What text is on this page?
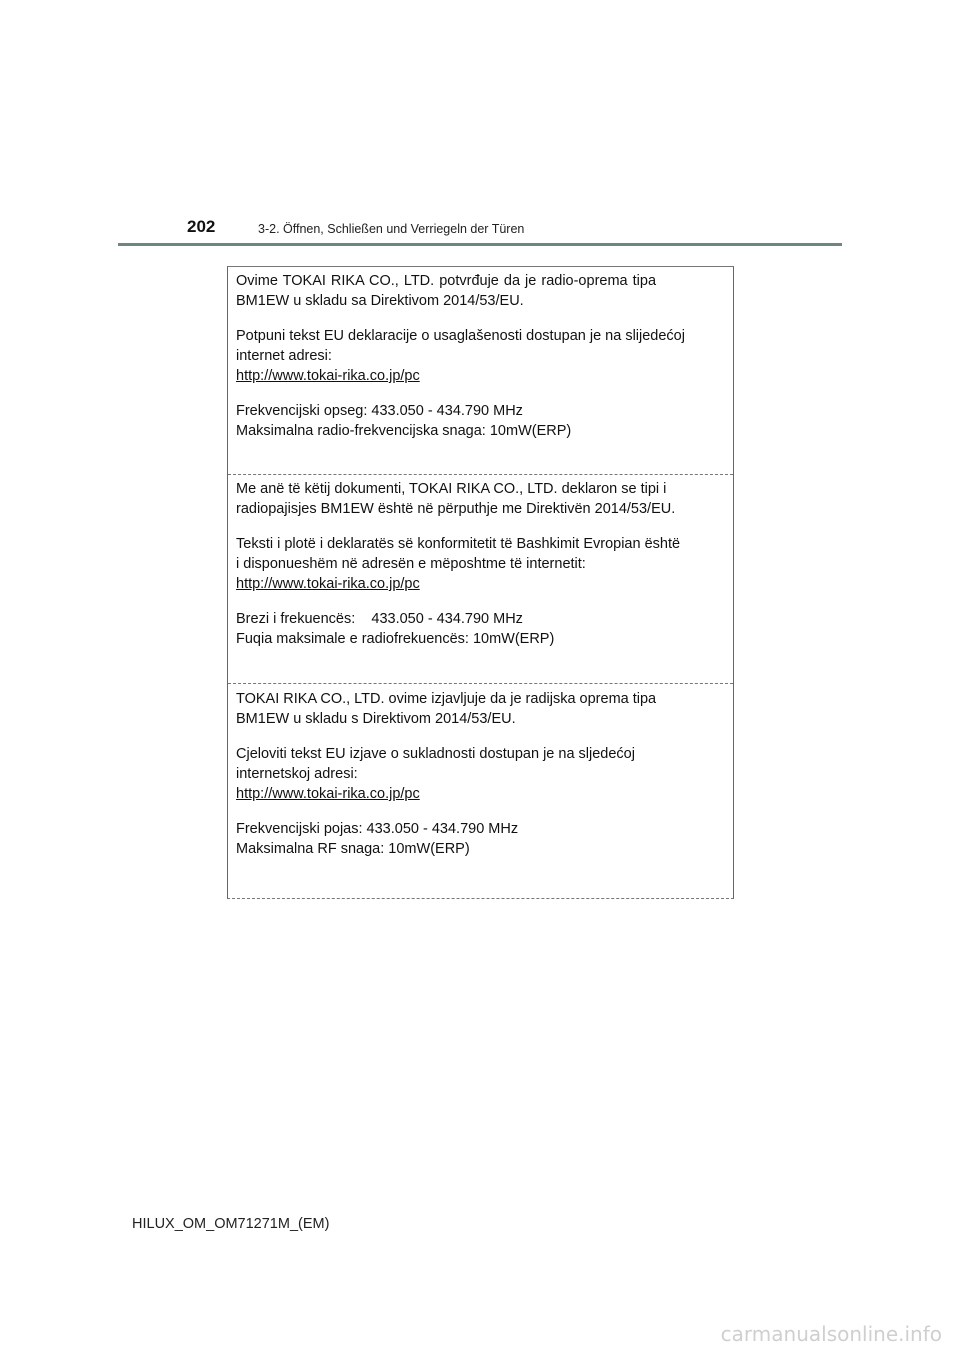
202	3-2. Öffnen, Schließen und Verriegeln der Türen

Ovime TOKAI RIKA CO., LTD. potvrđuje da je radio-oprema tipa

BM1EW u skladu sa Direktivom 2014/53/EU.

Potpuni tekst EU deklaracije o usaglašenosti dostupan je na slijedećoj

internet adresi:

http://www.tokai-rika.co.jp/pc

Frekvencijski opseg: 433.050 - 434.790 MHz

Maksimalna radio-frekvencijska snaga: 10mW(ERP)

Me anë të këtij dokumenti, TOKAI RIKA CO., LTD. deklaron se tipi i

radiopajisjes BM1EW është në përputhje me Direktivën 2014/53/EU.

Teksti i plotë i deklaratës së konformitetit të Bashkimit Evropian është

i disponueshëm në adresën e mëposhtme të internetit:

http://www.tokai-rika.co.jp/pc

Brezi i frekuencës:    433.050 - 434.790 MHz

Fuqia maksimale e radiofrekuencës: 10mW(ERP)

TOKAI RIKA CO., LTD. ovime izjavljuje da je radijska oprema tipa

BM1EW u skladu s Direktivom 2014/53/EU.

Cjeloviti tekst EU izjave o sukladnosti dostupan je na sljedećoj

internetskoj adresi:

http://www.tokai-rika.co.jp/pc

Frekvencijski pojas: 433.050 - 434.790 MHz

Maksimalna RF snaga: 10mW(ERP)

HILUX_OM_OM71271M_(EM)
carmanualsonline.info
